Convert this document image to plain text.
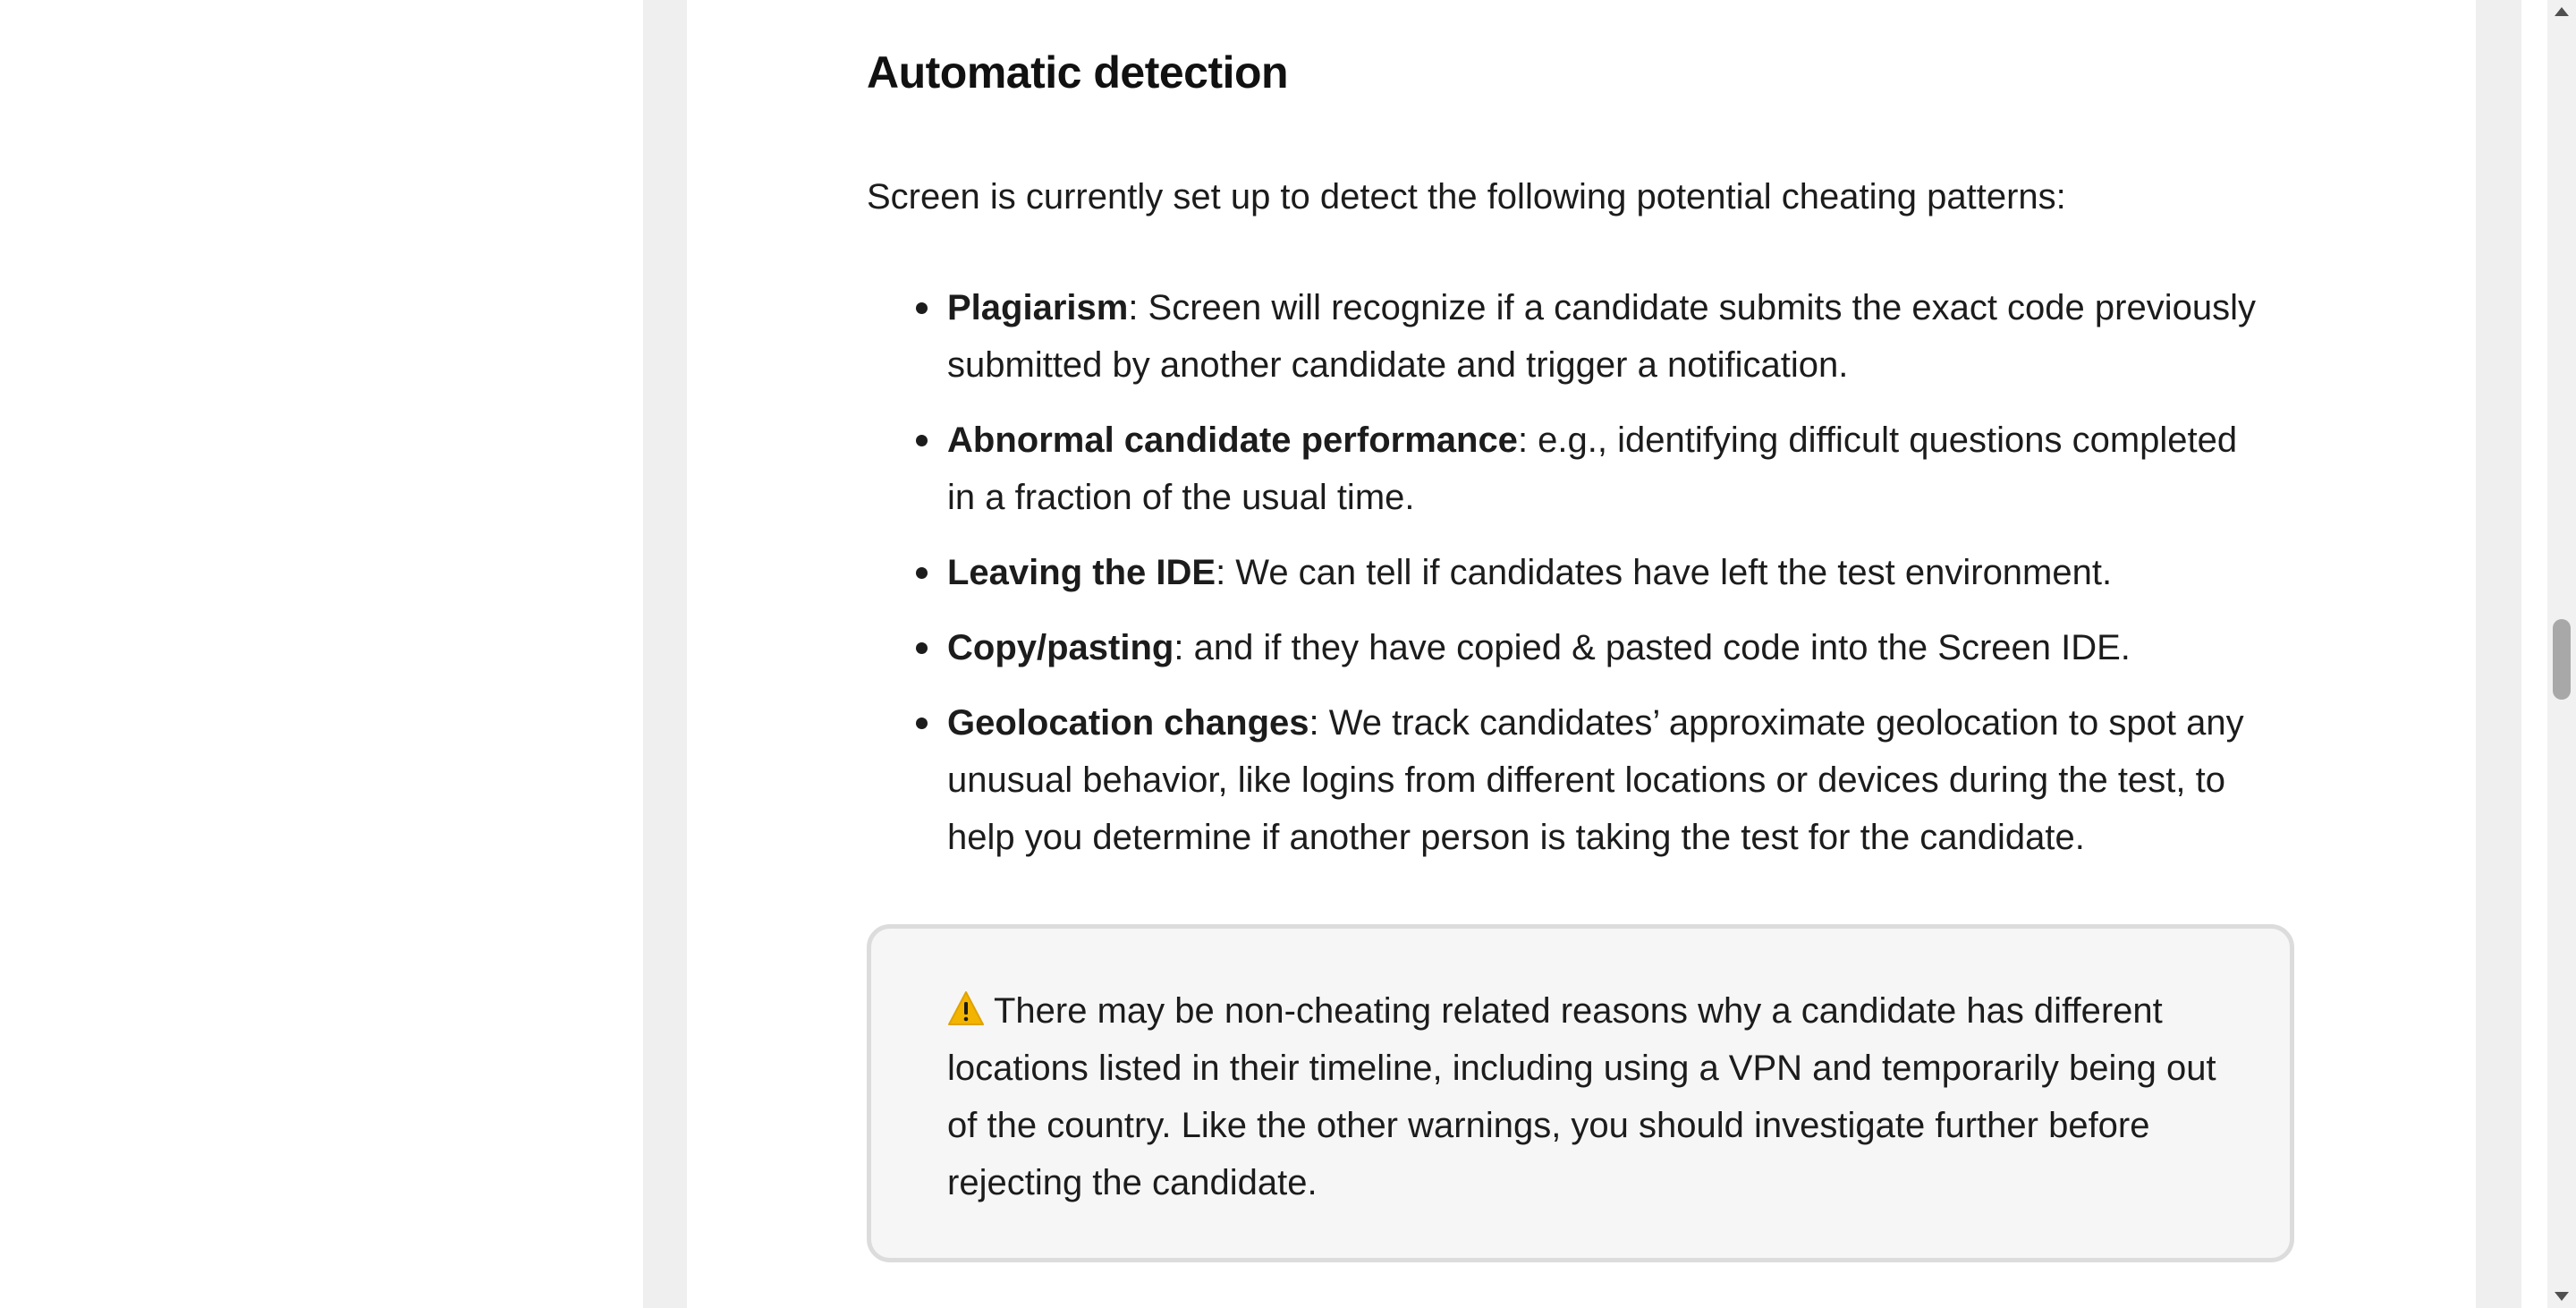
Automatic detection

Screen is currently set up to detect the following potential cheating patterns:

Plagiarism: Screen will recognize if a candidate submits the exact code previously submitted by another candidate and trigger a notification.
Abnormal candidate performance: e.g., identifying difficult questions completed in a fraction of the usual time.
Leaving the IDE: We can tell if candidates have left the test environment.
Copy/pasting: and if they have copied & pasted code into the Screen IDE.
Geolocation changes: We track candidates’ approximate geolocation to spot any unusual behavior, like logins from different locations or devices during the test, to help you determine if another person is taking the test for the candidate.

There may be non-cheating related reasons why a candidate has different locations listed in their timeline, including using a VPN and temporarily being out of the country. Like the other warnings, you should investigate further before rejecting the candidate.
